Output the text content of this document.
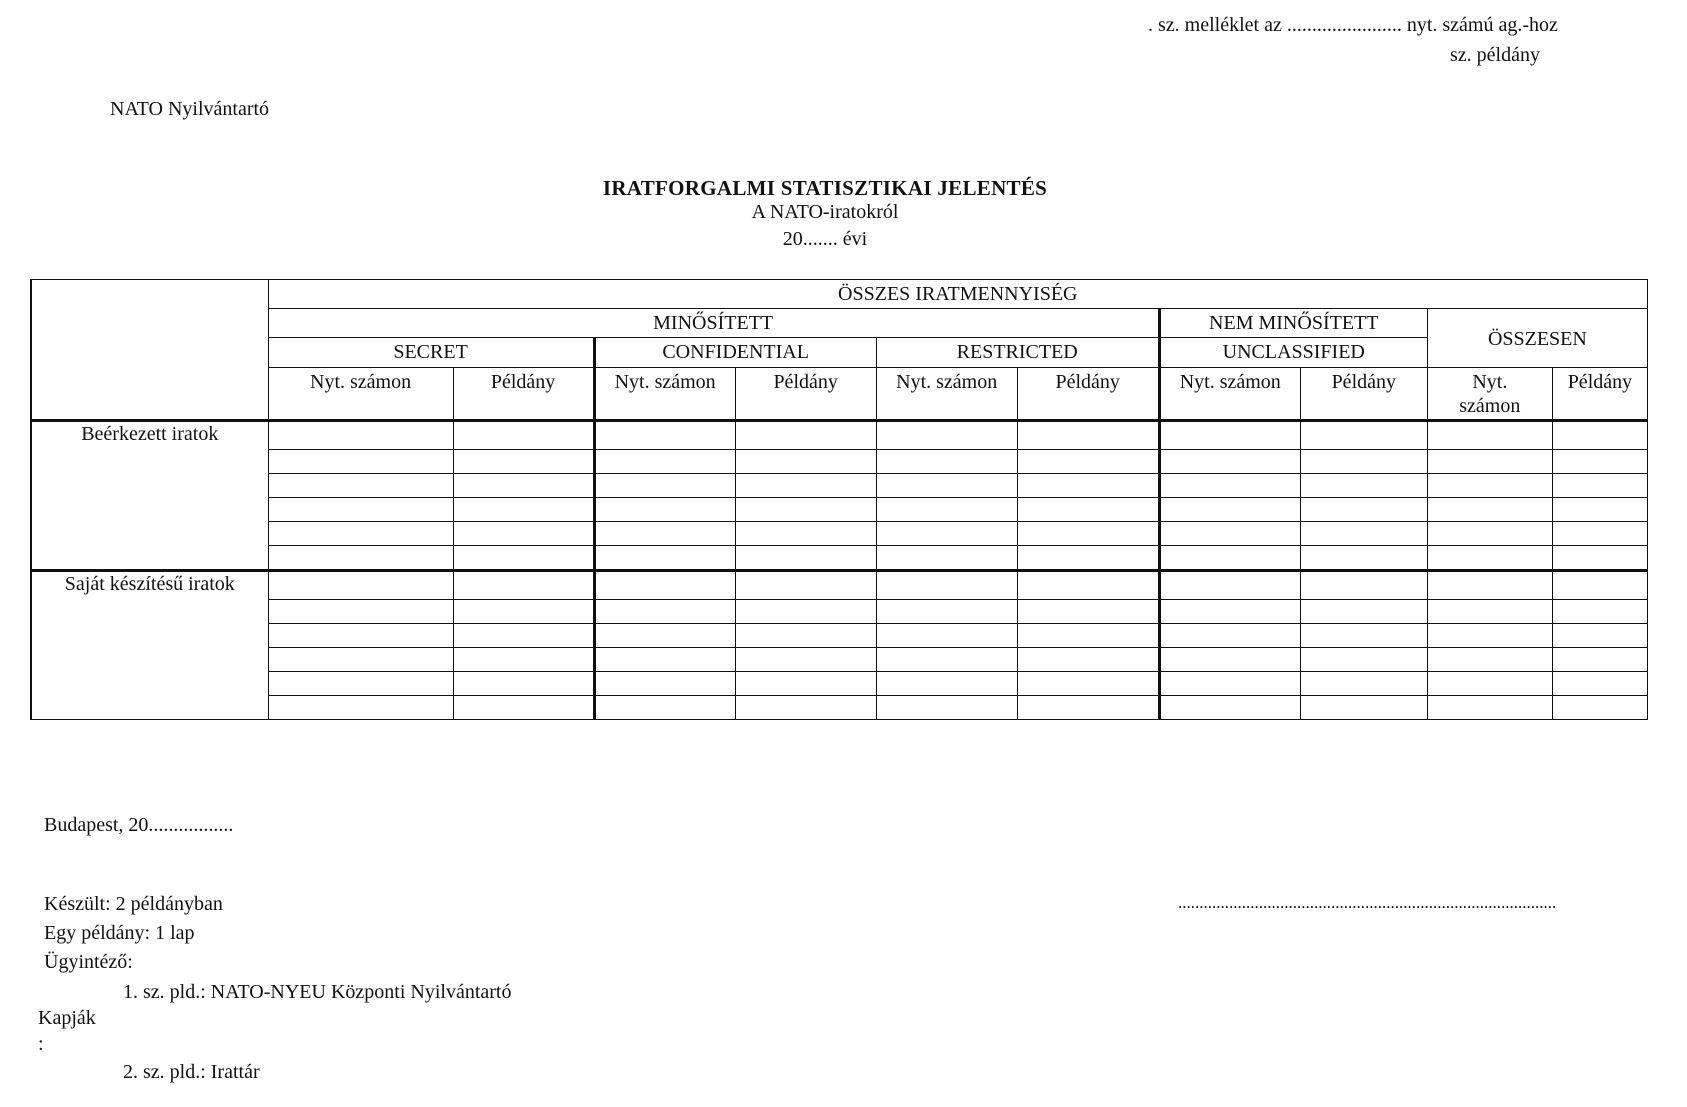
. sz. melléklet az ....................... nyt. számú ag.-hoz
sz. példány
NATO Nyilvántartó
IRATFORGALMI STATISZTIKAI JELENTÉS
A NATO-iratokról
20....... évi
	ÖSSZES IRATMENNYISÉG									
	MINŐSÍTETT						NEM MINŐSÍTETT		ÖSSZESEN	
	SECRET		CONFIDENTIAL		RESTRICTED		UNCLASSIFIED			
	Nyt. számon	Példány	Nyt. számon	Példány	Nyt. számon	Példány	Nyt. számon	Példány	Nyt. számon	Példány
Beérkezett iratok										

Saját készítésű iratok										

Budapest, 20.................
Készült: 2 példányban
Egy példány: 1 lap
Ügyintéző:
1. sz. pld.: NATO-NYEU Központi Nyilvántartó
Kapják
:
2. sz. pld.: Irattár
.........................................................................................
